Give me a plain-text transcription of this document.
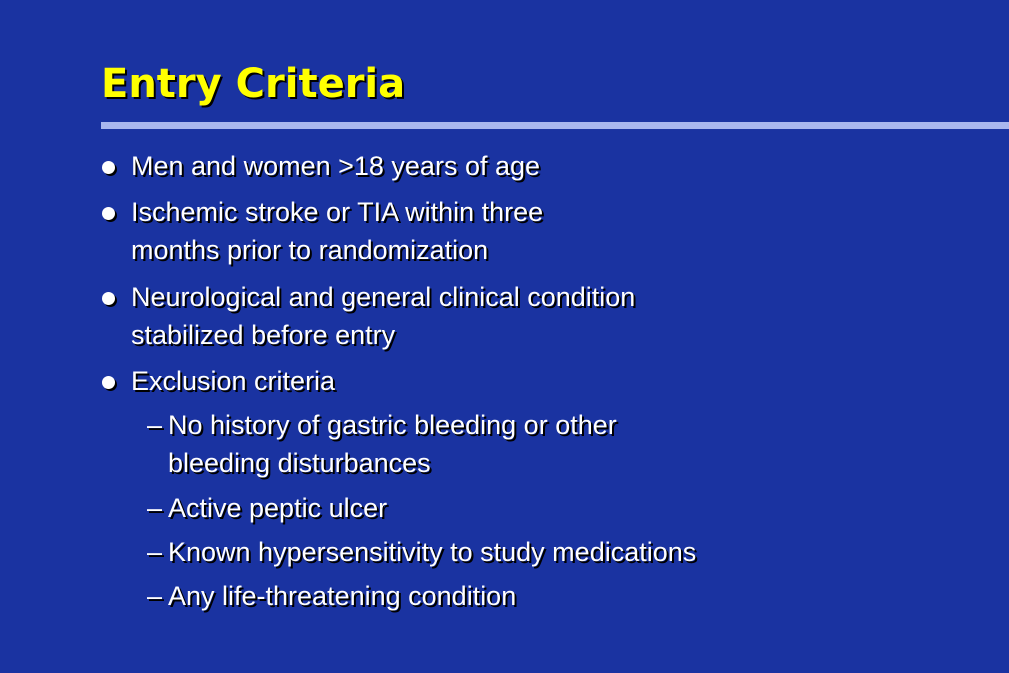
Entry Criteria
Men and women >18 years of age
Ischemic stroke or TIA within three
months prior to randomization
Neurological and general clinical condition
stabilized before entry
Exclusion criteria
– No history of gastric bleeding or other
bleeding disturbances
– Active peptic ulcer
– Known hypersensitivity to study medications
– Any life-threatening condition
